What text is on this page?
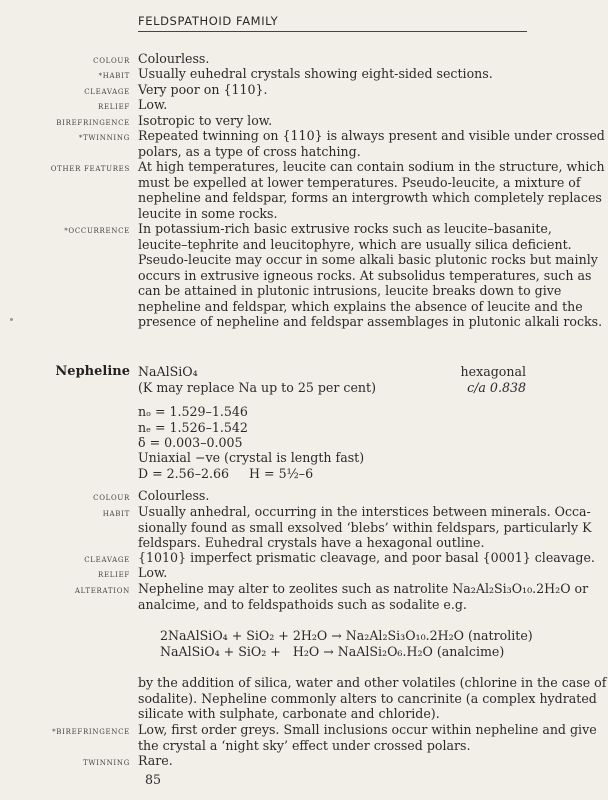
FELDSPATHOID FAMILY
COLOUR Colourless.
*HABIT Usually euhedral crystals showing eight-sided sections.
CLEAVAGE Very poor on {110}.
RELIEF Low.
BIREFRINGENCE Isotropic to very low.
*TWINNING Repeated twinning on {110} is always present and visible under crossed
polars, as a type of cross hatching.
OTHER FEATURES At high temperatures, leucite can contain sodium in the structure, which
must be expelled at lower temperatures. Pseudo-leucite, a mixture of
nepheline and feldspar, forms an intergrowth which completely replaces
leucite in some rocks.
*OCCURRENCE In potassium-rich basic extrusive rocks such as leucite–basanite,
leucite–tephrite and leucitophyre, which are usually silica deficient.
Pseudo-leucite may occur in some alkali basic plutonic rocks but mainly
occurs in extrusive igneous rocks. At subsolidus temperatures, such as
can be attained in plutonic intrusions, leucite breaks down to give
nepheline and feldspar, which explains the absence of leucite and the
presence of nepheline and feldspar assemblages in plutonic alkali rocks.
Nepheline NaAlSiO₄	hexagonal
(K may replace Na up to 25 per cent)	c/a 0.838
nₒ = 1.529–1.546
nₑ = 1.526–1.542
δ = 0.003–0.005
Uniaxial −ve (crystal is length fast)
D = 2.56–2.66     H = 5½–6
COLOUR Colourless.
HABIT Usually anhedral, occurring in the interstices between minerals. Occa-
sionally found as small exsolved ‘blebs’ within feldspars, particularly K
feldspars. Euhedral crystals have a hexagonal outline.
CLEAVAGE {1010} imperfect prismatic cleavage, and poor basal {0001} cleavage.
RELIEF Low.
ALTERATION Nepheline may alter to zeolites such as natrolite Na₂Al₂Si₃O₁₀.2H₂O or
analcime, and to feldspathoids such as sodalite e.g.
2NaAlSiO₄ + SiO₂ + 2H₂O → Na₂Al₂Si₃O₁₀.2H₂O (natrolite)
NaAlSiO₄ + SiO₂ +   H₂O → NaAlSi₂O₆.H₂O (analcime)
by the addition of silica, water and other volatiles (chlorine in the case of
sodalite). Nepheline commonly alters to cancrinite (a complex hydrated
silicate with sulphate, carbonate and chloride).
*BIREFRINGENCE Low, first order greys. Small inclusions occur within nepheline and give
the crystal a ‘night sky’ effect under crossed polars.
TWINNING Rare.
85
